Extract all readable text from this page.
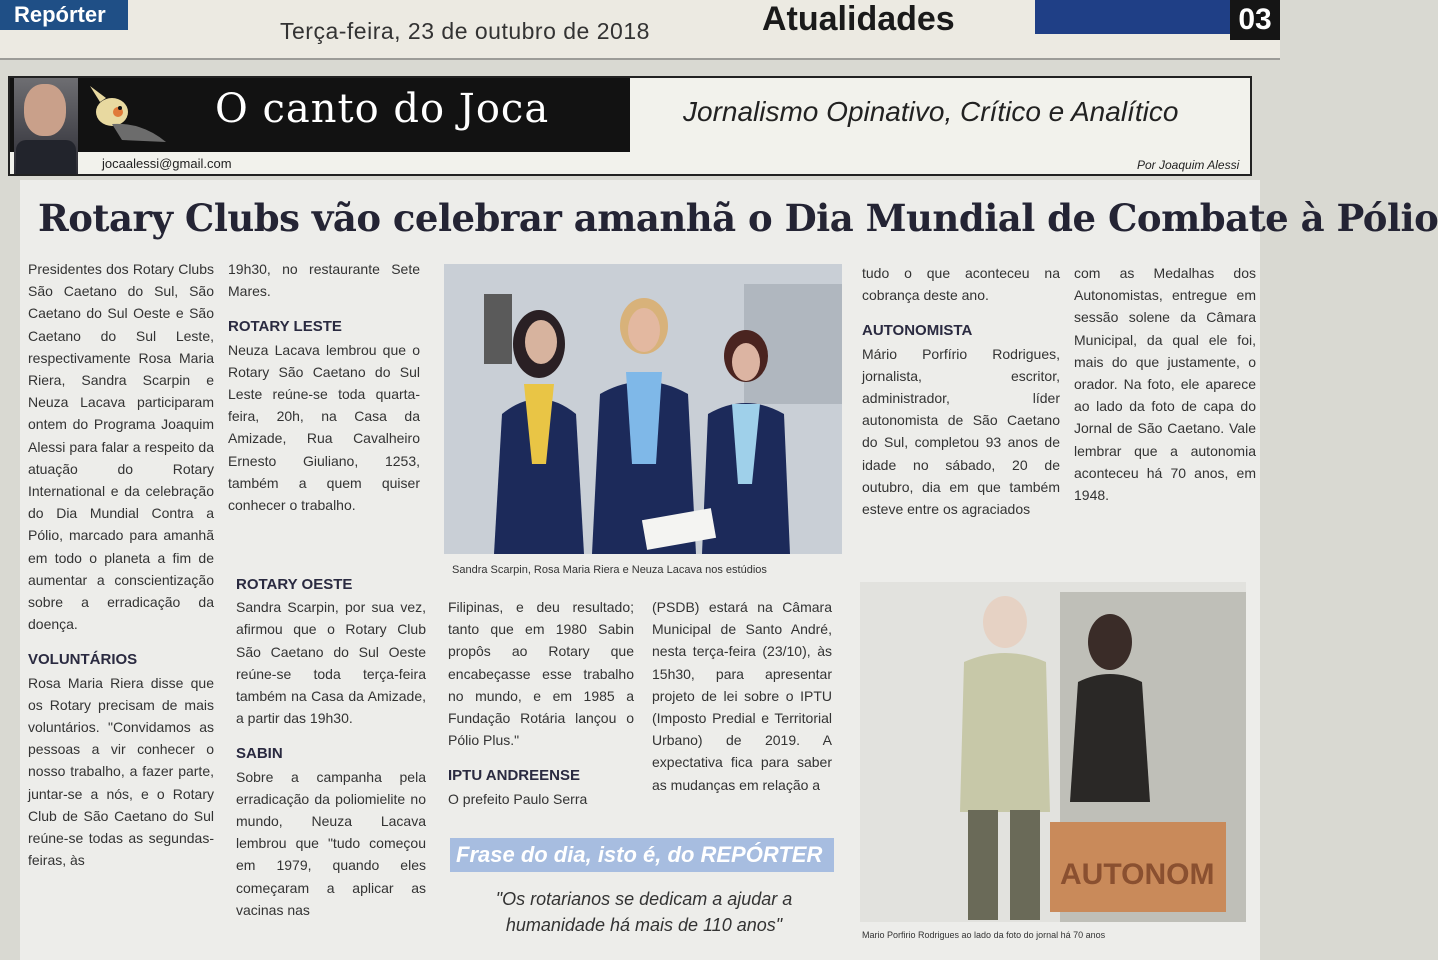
Repórter
Terça-feira, 23 de outubro de 2018	Atualidades	03
O canto do Joca	Jornalismo Opinativo, Crítico e Analítico
jocaalessi@gmail.com	Por Joaquim Alessi
Rotary Clubs vão celebrar amanhã o Dia Mundial de Combate à Pólio

Presidentes dos Rotary Clubs São Caetano do Sul, São Caetano do Sul Oeste e São Caetano do Sul Leste, respectivamente Rosa Maria Riera, Sandra Scarpin e Neuza Lacava participaram ontem do Programa Joaquim Alessi para falar a respeito da atuação do Rotary International e da celebração do Dia Mundial Contra a Pólio, marcado para amanhã em todo o planeta a fim de aumentar a conscientização sobre a erradicação da doença.

VOLUNTÁRIOS

Rosa Maria Riera disse que os Rotary precisam de mais voluntários. "Convidamos as pessoas a vir conhecer o nosso trabalho, a fazer parte, juntar-se a nós, e o Rotary Club de São Caetano do Sul reúne-se todas as segundas-feiras, às

19h30, no restaurante Sete Mares.

ROTARY LESTE

Neuza Lacava lembrou que o Rotary São Caetano do Sul Leste reúne-se toda quarta-feira, 20h, na Casa da Amizade, Rua Cavalheiro Ernesto Giuliano, 1253, também a quem quiser conhecer o trabalho.

ROTARY OESTE

Sandra Scarpin, por sua vez, afirmou que o Rotary Club São Caetano do Sul Oeste reúne-se toda terça-feira também na Casa da Amizade, a partir das 19h30.

SABIN

Sobre a campanha pela erradicação da poliomielite no mundo, Neuza Lacava lembrou que "tudo começou em 1979, quando eles começaram a aplicar as vacinas nas

Sandra Scarpin, Rosa Maria Riera e Neuza Lacava nos estúdios

Filipinas, e deu resultado; tanto que em 1980 Sabin propôs ao Rotary que encabeçasse esse trabalho no mundo, e em 1985 a Fundação Rotária lançou o Pólio Plus."

IPTU ANDREENSE

O prefeito Paulo Serra

(PSDB) estará na Câmara Municipal de Santo André, nesta terça-feira (23/10), às 15h30, para apresentar projeto de lei sobre o IPTU (Imposto Predial e Territorial Urbano) de 2019. A expectativa fica para saber as mudanças em relação a

tudo o que aconteceu na cobrança deste ano.

AUTONOMISTA

Mário Porfírio Rodrigues, jornalista, escritor, administrador, líder autonomista de São Caetano do Sul, completou 93 anos de idade no sábado, 20 de outubro, dia em que também esteve entre os agraciados

com as Medalhas dos Autonomistas, entregue em sessão solene da Câmara Municipal, da qual ele foi, mais do que justamente, o orador. Na foto, ele aparece ao lado da foto de capa do Jornal de São Caetano. Vale lembrar que a autonomia aconteceu há 70 anos, em 1948.

Frase do dia, isto é, do REPÓRTER
"Os rotarianos se dedicam a ajudar a humanidade há mais de 110 anos"
AUTONOM
Mario Porfirio Rodrigues ao lado da foto do jornal há 70 anos
